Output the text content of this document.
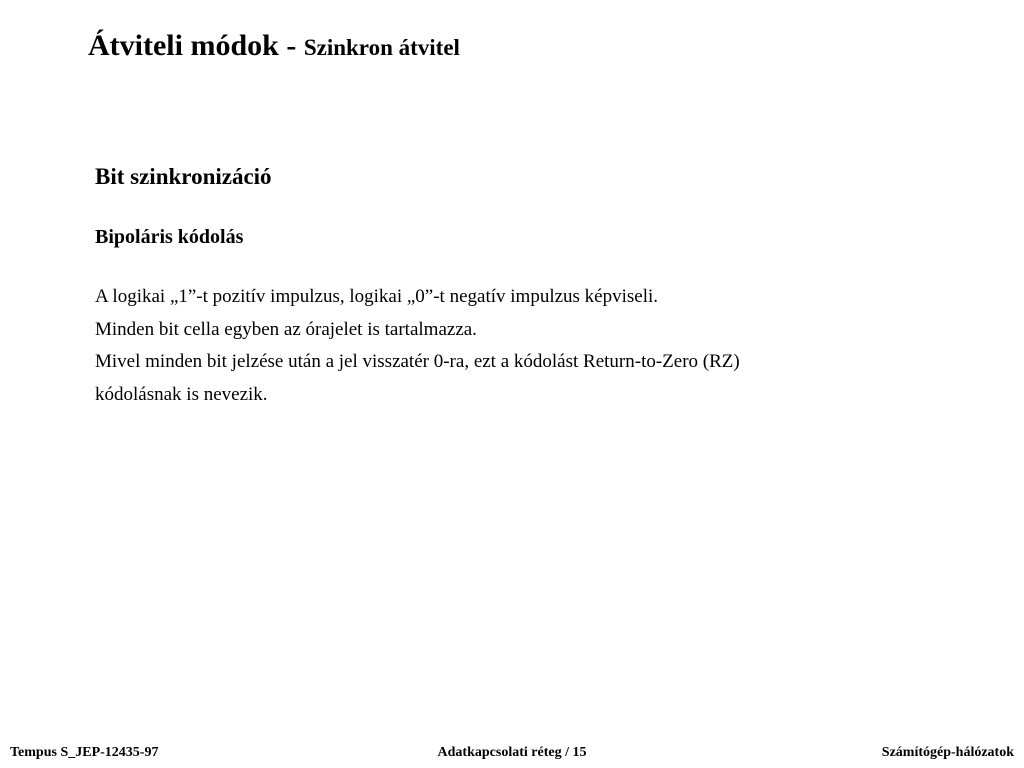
Átviteli módok - Szinkron átvitel
Bit szinkronizáció
Bipoláris kódolás
A logikai „1”-t pozitív impulzus, logikai „0”-t negatív impulzus képviseli.
Minden bit cella egyben az órajelet is tartalmazza.
Mivel minden bit jelzése után a jel visszatér 0-ra, ezt a kódolást Return-to-Zero (RZ)
kódolásnak is nevezik.
Tempus S_JEP-12435-97	Adatkapcsolati réteg / 15	Számítógép-hálózatok
